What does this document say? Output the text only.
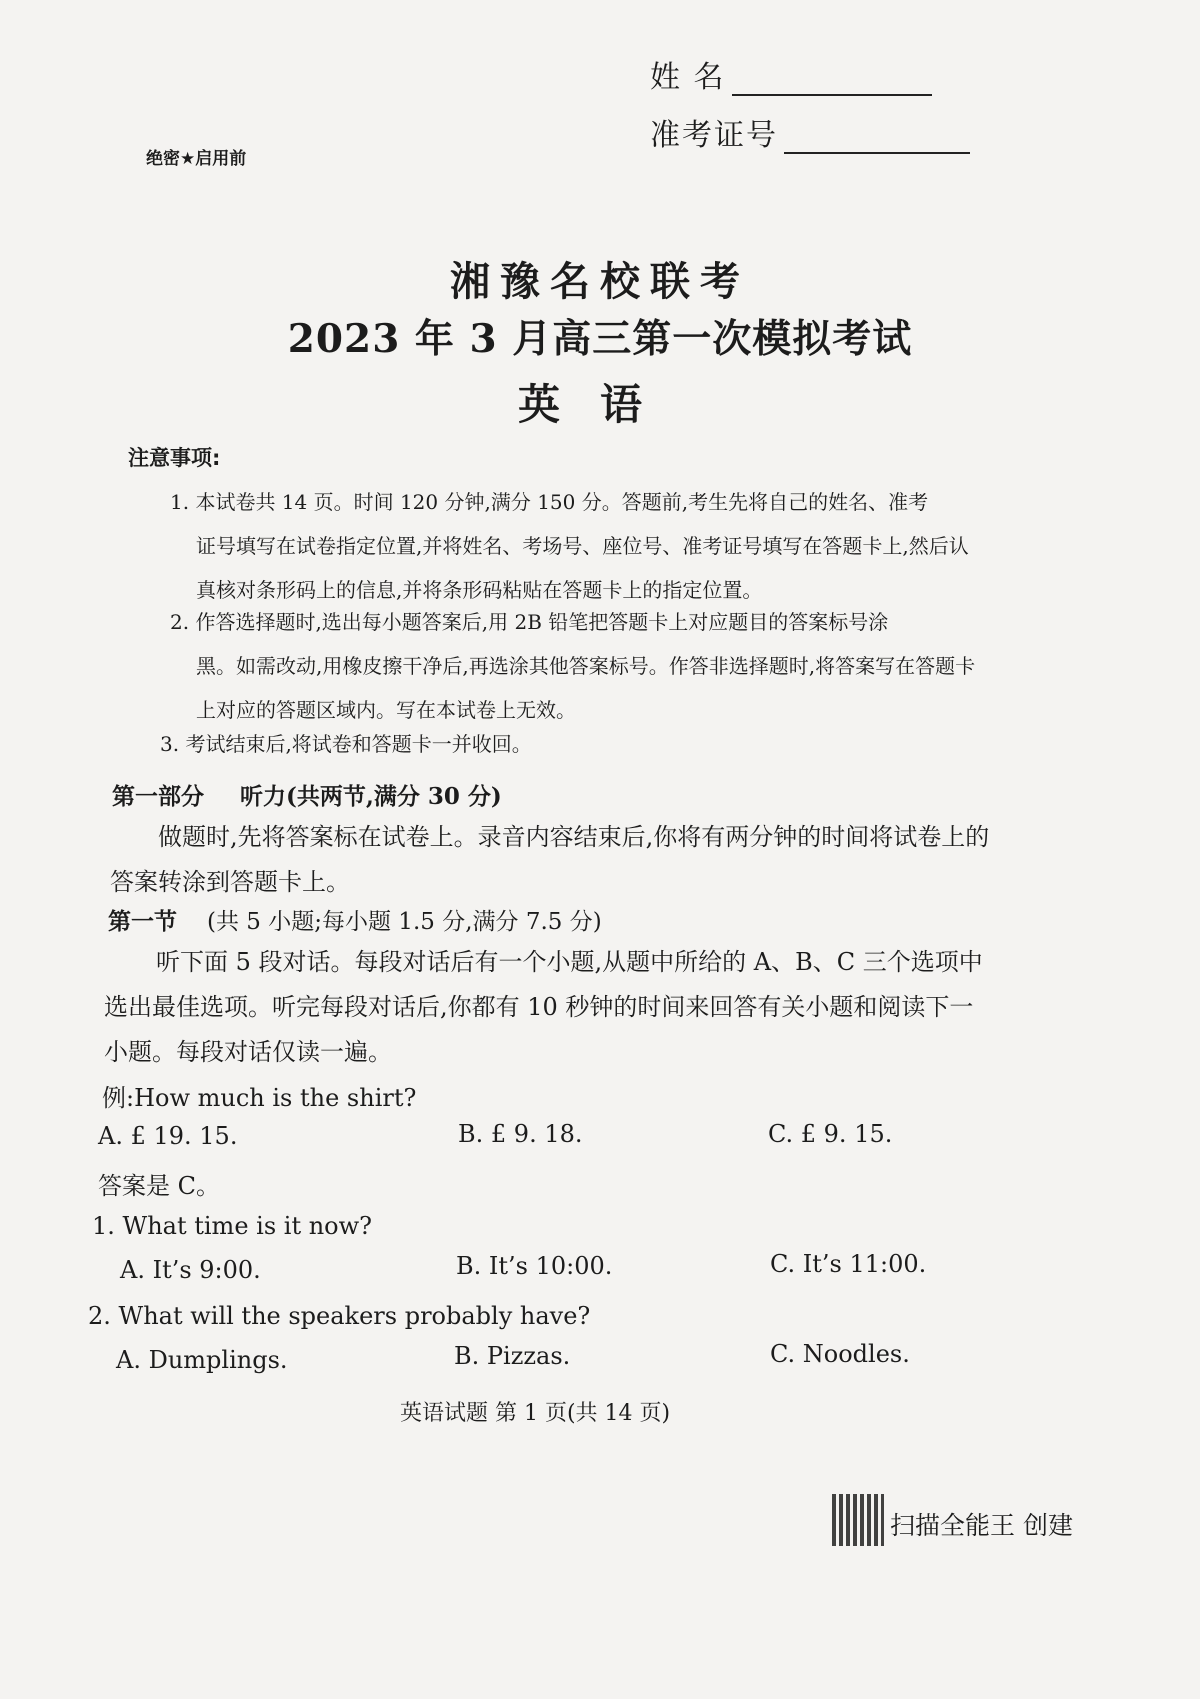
姓 名
准考证号
绝密★启用前
湘豫名校联考
2023 年 3 月高三第一次模拟考试
英语
注意事项:
1. 本试卷共 14 页。时间 120 分钟,满分 150 分。答题前,考生先将自己的姓名、准考
证号填写在试卷指定位置,并将姓名、考场号、座位号、准考证号填写在答题卡上,然后认真核对条形码上的信息,并将条形码粘贴在答题卡上的指定位置。
2. 作答选择题时,选出每小题答案后,用 2B 铅笔把答题卡上对应题目的答案标号涂
黑。如需改动,用橡皮擦干净后,再选涂其他答案标号。作答非选择题时,将答案写在答题卡上对应的答题区域内。写在本试卷上无效。
3. 考试结束后,将试卷和答题卡一并收回。
第一部分 听力(共两节,满分 30 分)
做题时,先将答案标在试卷上。录音内容结束后,你将有两分钟的时间将试卷上的答案转涂到答题卡上。
第一节 (共 5 小题;每小题 1.5 分,满分 7.5 分)
听下面 5 段对话。每段对话后有一个小题,从题中所给的 A、B、C 三个选项中选出最佳选项。听完每段对话后,你都有 10 秒钟的时间来回答有关小题和阅读下一小题。每段对话仅读一遍。
例:How much is the shirt?
A. £ 19. 15.	B. £ 9. 18.	C. £ 9. 15.
答案是 C。
1. What time is it now?
A. It’s 9:00.	B. It’s 10:00.	C. It’s 11:00.
2. What will the speakers probably have?
A. Dumplings.	B. Pizzas.	C. Noodles.
英语试题 第 1 页(共 14 页)
扫描全能王 创建
